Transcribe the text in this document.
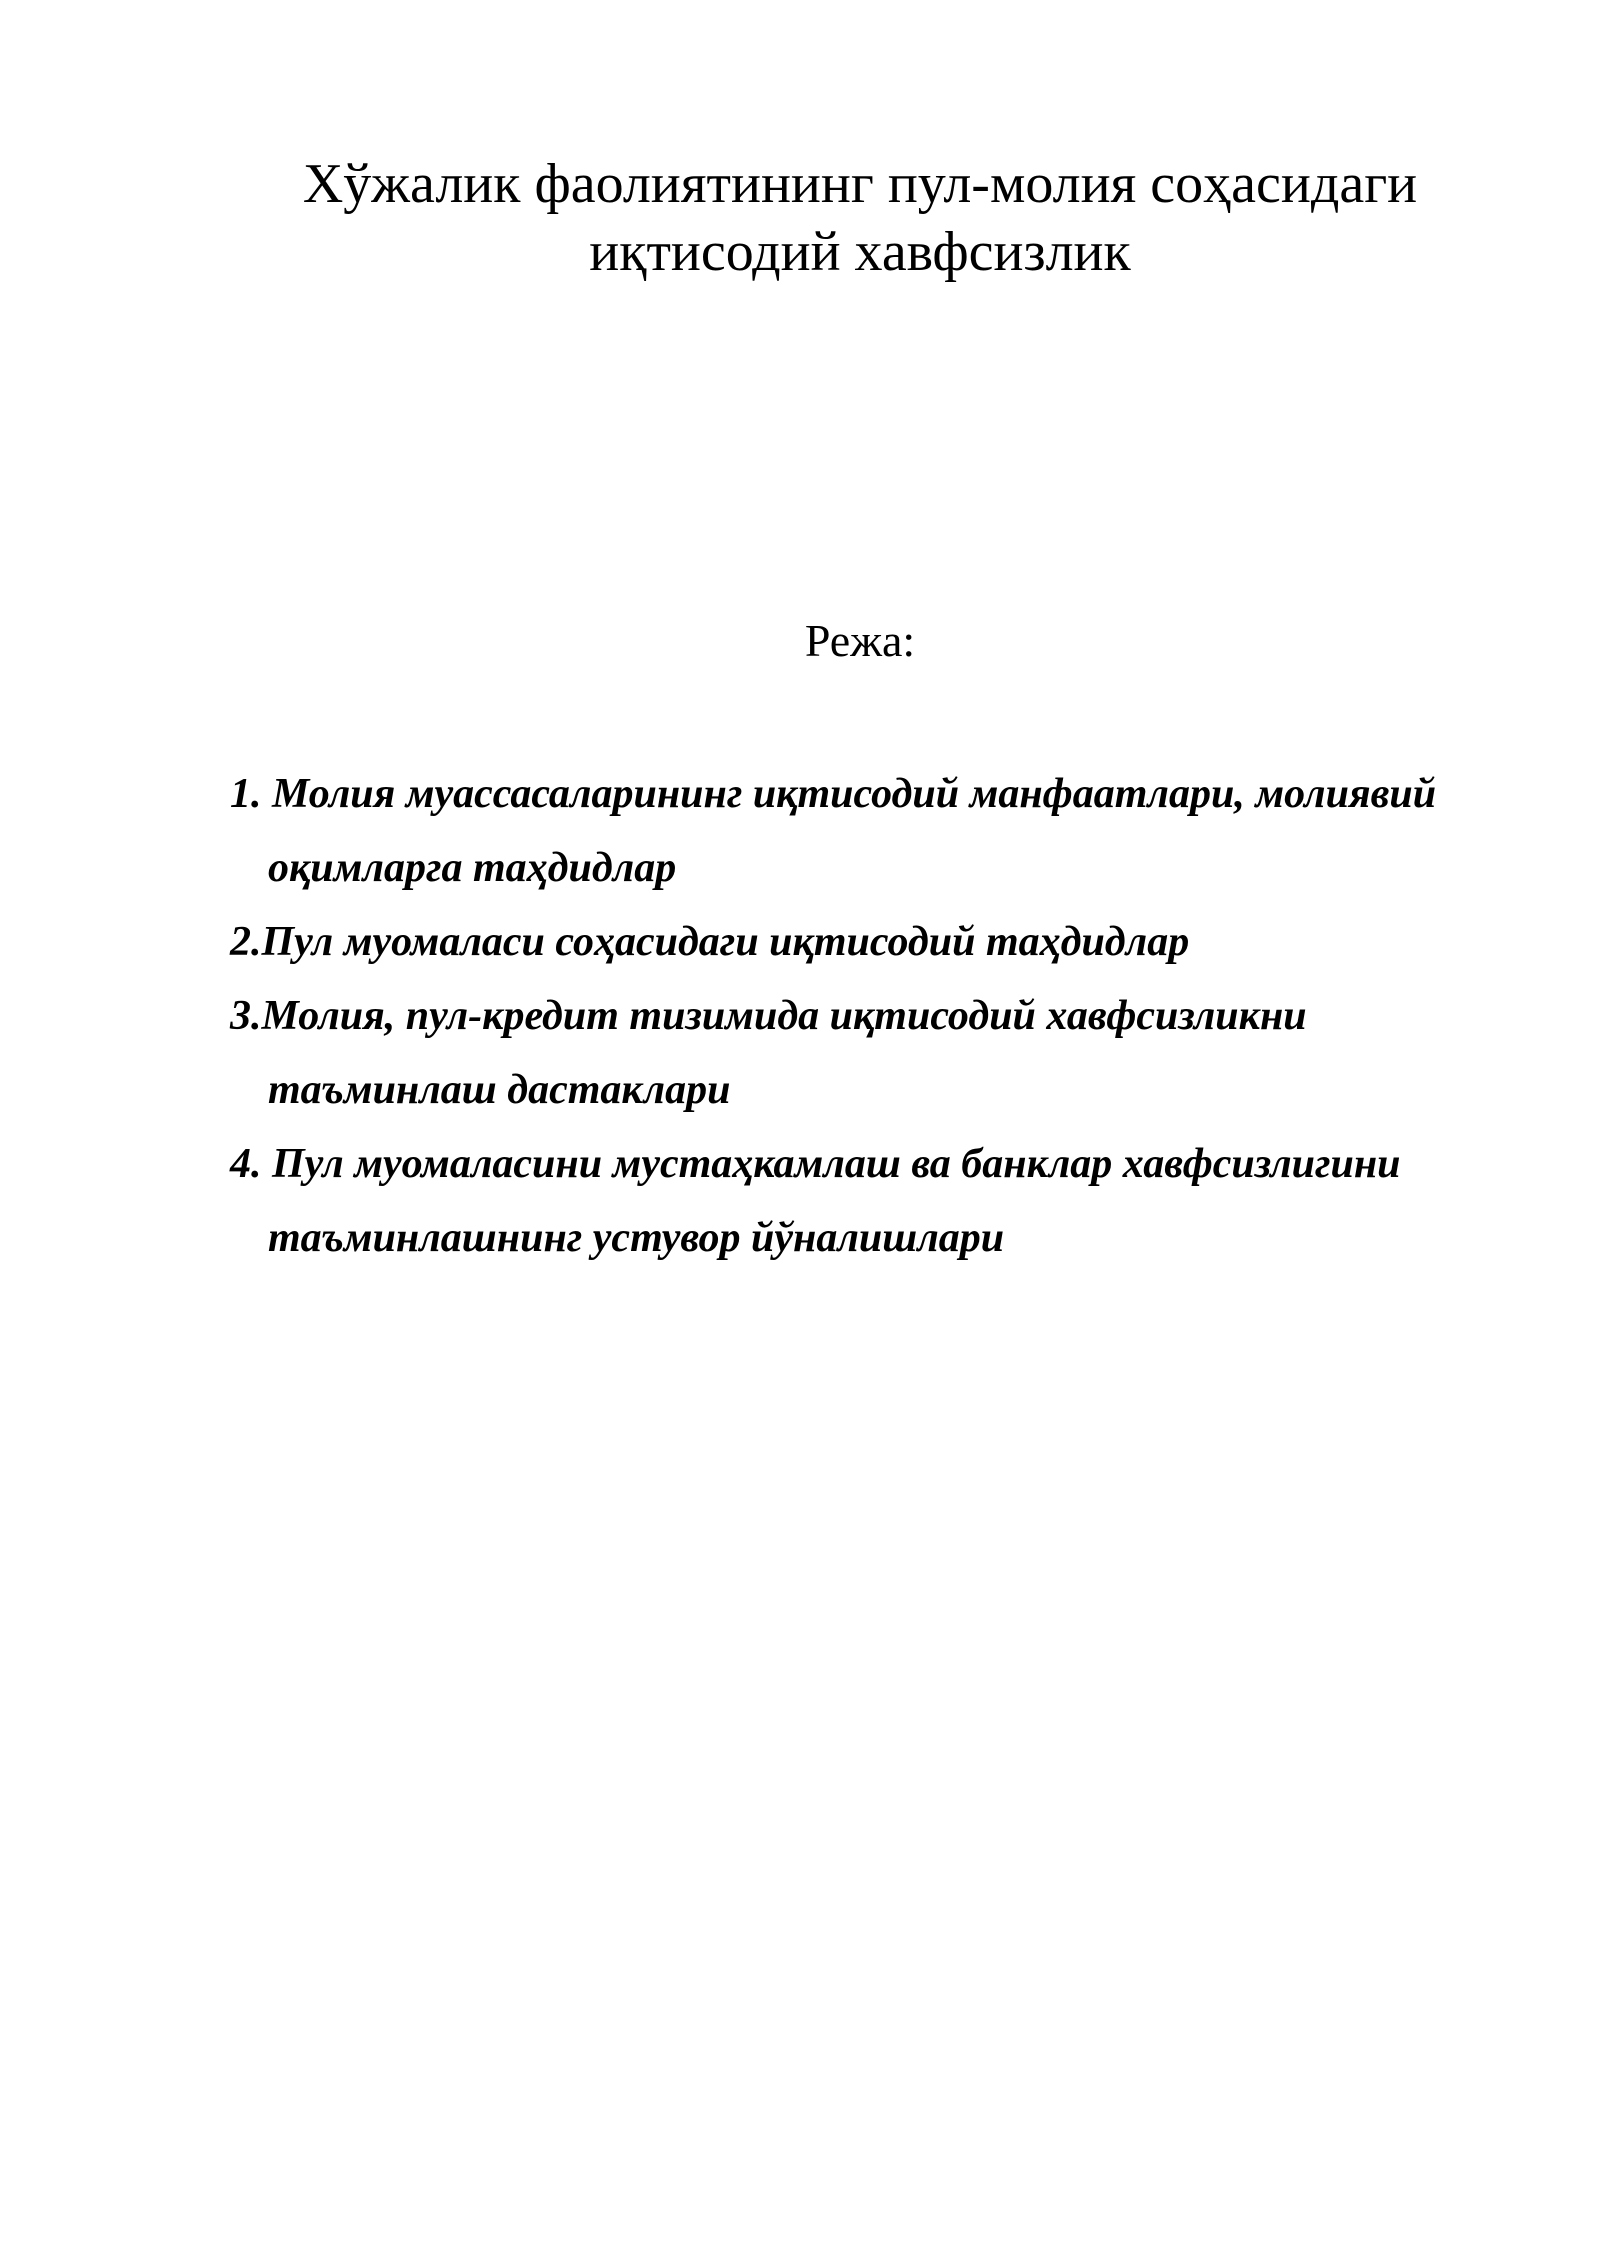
Хўжалик фаолиятининг пул-молия соҳасидаги
иқтисодий хавфсизлик
Режа:
1. Молия муассасаларининг иқтисодий манфаатлари, молиявий
оқимларга таҳдидлар
2.Пул муомаласи соҳасидаги иқтисодий таҳдидлар
3.Молия, пул-кредит тизимида иқтисодий хавфсизликни
таъминлаш дастаклари
4. Пул муомаласини мустаҳкамлаш ва банклар хавфсизлигини
таъминлашнинг устувор йўналишлари
